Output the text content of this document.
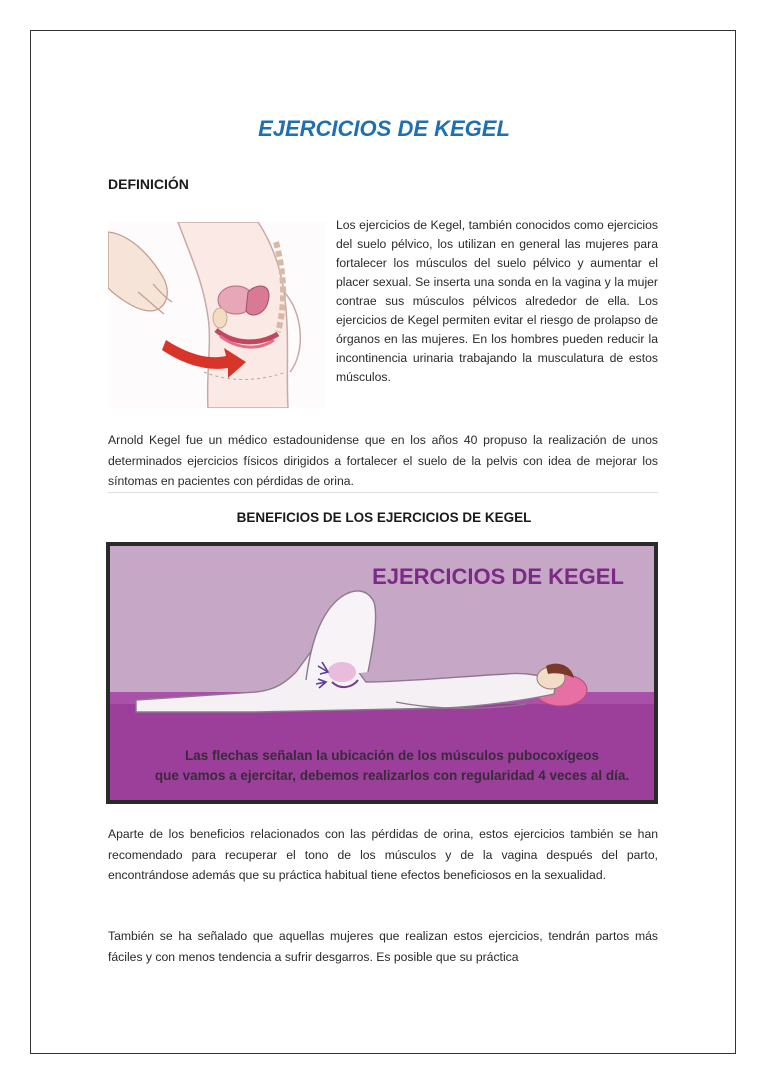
EJERCICIOS DE KEGEL
DEFINICIÓN
Los ejercicios de Kegel, también conocidos como ejercicios del suelo pélvico, los utilizan en general las mujeres para fortalecer los músculos del suelo pélvico y aumentar el placer sexual. Se inserta una sonda en la vagina y la mujer contrae sus músculos pélvicos alrededor de ella. Los ejercicios de Kegel permiten evitar el riesgo de prolapso de órganos en las mujeres. En los hombres pueden reducir la incontinencia urinaria trabajando la musculatura de estos músculos.
Arnold Kegel fue un médico estadounidense que en los años 40 propuso la realización de unos determinados ejercicios físicos dirigidos a fortalecer el suelo de la pelvis con idea de mejorar los síntomas en pacientes con pérdidas de orina.
BENEFICIOS DE LOS EJERCICIOS DE KEGEL
EJERCICIOS DE KEGEL
Las flechas señalan la ubicación de los músculos pubocoxígeos
que vamos a ejercitar, debemos realizarlos con regularidad 4 veces al día.
Aparte de los beneficios relacionados con las pérdidas de orina, estos ejercicios también se han recomendado para recuperar el tono de los músculos y de la vagina después del parto, encontrándose además que su práctica habitual tiene efectos beneficiosos en la sexualidad.
También se ha señalado que aquellas mujeres que realizan estos ejercicios, tendrán partos más fáciles y con menos tendencia a sufrir desgarros. Es posible que su práctica
